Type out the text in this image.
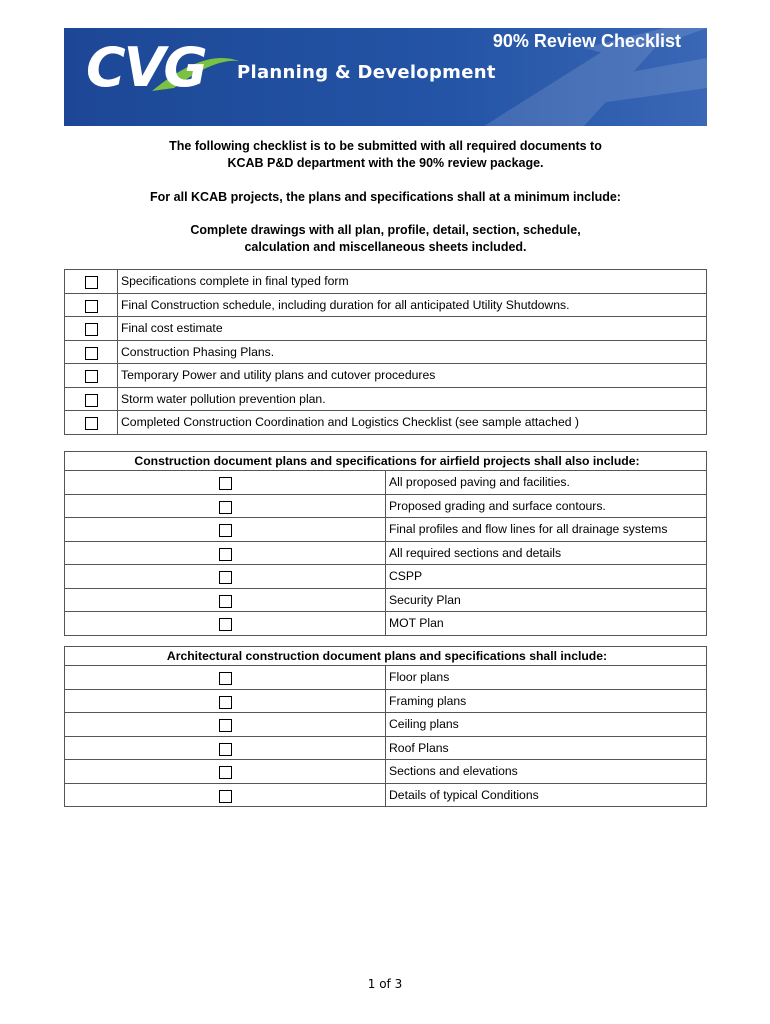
CVG	90% Review Checklist
Planning & Development
The following checklist is to be submitted with all required documents to
KCAB P&D department with the 90% review package.
For all KCAB projects, the plans and specifications shall at a minimum include:
Complete drawings with all plan, profile, detail, section, schedule,
calculation and miscellaneous sheets included.
	Specifications complete in final typed form
	Final Construction schedule, including duration for all anticipated Utility Shutdowns.
	Final cost estimate
	Construction Phasing Plans.
	Temporary Power and utility plans and cutover procedures
	Storm water pollution prevention plan.
	Completed Construction Coordination and Logistics Checklist (see sample attached )
Construction document plans and specifications for airfield projects shall also include:	
	All proposed paving and facilities.
	Proposed grading and surface contours.
	Final profiles and flow lines for all drainage systems
	All required sections and details
	CSPP
	Security Plan
	MOT Plan
Architectural construction document plans and specifications shall include:	
	Floor plans
	Framing plans
	Ceiling plans
	Roof Plans
	Sections and elevations
	Details of typical Conditions
1 of 3
